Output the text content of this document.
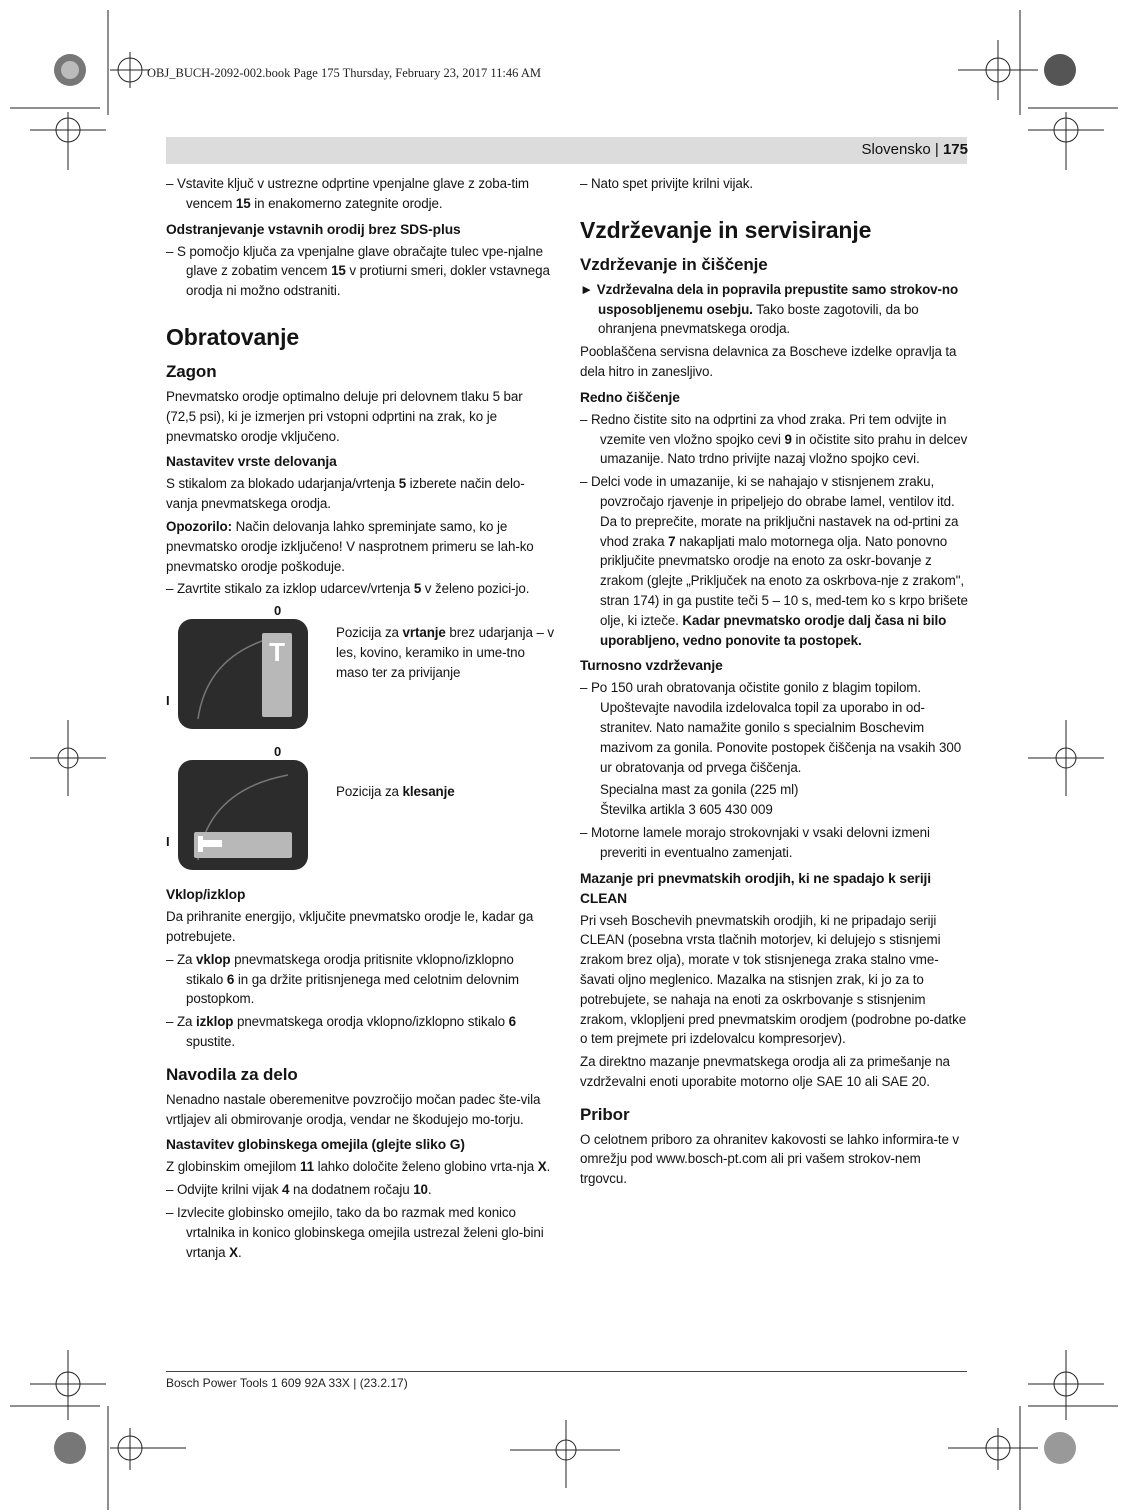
OBJ_BUCH-2092-002.book Page 175 Thursday, February 23, 2017 11:46 AM
Slovensko | 175

– Vstavite ključ v ustrezne odprtine vpenjalne glave z zoba-tim vencem 15 in enakomerno zategnite orodje.

Odstranjevanje vstavnih orodij brez SDS-plus

– S pomočjo ključa za vpenjalne glave obračajte tulec vpe-njalne glave z zobatim vencem 15 v protiurni smeri, dokler vstavnega orodja ni možno odstraniti.

Obratovanje
Zagon

Pnevmatsko orodje optimalno deluje pri delovnem tlaku 5 bar (72,5 psi), ki je izmerjen pri vstopni odprtini na zrak, ko je pnevmatsko orodje vključeno.

Nastavitev vrste delovanja

S stikalom za blokado udarjanja/vrtenja 5 izberete način delo-vanja pnevmatskega orodja.

Opozorilo: Način delovanja lahko spreminjate samo, ko je pnevmatsko orodje izključeno! V nasprotnem primeru se lah-ko pnevmatsko orodje poškoduje.

– Zavrtite stikalo za izklop udarcev/vrtenja 5 v želeno pozici-jo.

0
I
T
Pozicija za vrtanje brez udarjanja – v les, kovino, keramiko in ume-tno maso ter za privijanje
0
I
Pozicija za klesanje
Vklop/izklop

Da prihranite energijo, vključite pnevmatsko orodje le, kadar ga potrebujete.

– Za vklop pnevmatskega orodja pritisnite vklopno/izklopno stikalo 6 in ga držite pritisnjenega med celotnim delovnim postopkom.

– Za izklop pnevmatskega orodja vklopno/izklopno stikalo 6 spustite.

Navodila za delo

Nenadno nastale oberemenitve povzročijo močan padec šte-vila vrtljajev ali obmirovanje orodja, vendar ne škodujejo mo-torju.

Nastavitev globinskega omejila (glejte sliko G)

Z globinskim omejilom 11 lahko določite želeno globino vrta-nja X.

– Odvijte krilni vijak 4 na dodatnem ročaju 10.

– Izvlecite globinsko omejilo, tako da bo razmak med konico vrtalnika in konico globinskega omejila ustrezal želeni glo-bini vrtanja X.

– Nato spet privijte krilni vijak.

Vzdrževanje in servisiranje
Vzdrževanje in čiščenje

► Vzdrževalna dela in popravila prepustite samo strokov-no usposobljenemu osebju. Tako boste zagotovili, da bo ohranjena pnevmatskega orodja.

Pooblaščena servisna delavnica za Boscheve izdelke opravlja ta dela hitro in zanesljivo.

Redno čiščenje

– Redno čistite sito na odprtini za vhod zraka. Pri tem odvijte in vzemite ven vložno spojko cevi 9 in očistite sito prahu in delcev umazanije. Nato trdno privijte nazaj vložno spojko cevi.

– Delci vode in umazanije, ki se nahajajo v stisnjenem zraku, povzročajo rjavenje in pripeljejo do obrabe lamel, ventilov itd. Da to preprečite, morate na priključni nastavek na od-prtini za vhod zraka 7 nakapljati malo motornega olja. Nato ponovno priključite pnevmatsko orodje na enoto za oskr-bovanje z zrakom (glejte „Priključek na enoto za oskrbova-nje z zrakom", stran 174) in ga pustite teči 5 – 10 s, med-tem ko s krpo brišete olje, ki izteče. Kadar pnevmatsko orodje dalj časa ni bilo uporabljeno, vedno ponovite ta postopek.

Turnosno vzdrževanje

– Po 150 urah obratovanja očistite gonilo z blagim topilom. Upoštevajte navodila izdelovalca topil za uporabo in od-stranitev. Nato namažite gonilo s specialnim Boschevim mazivom za gonila. Ponovite postopek čiščenja na vsakih 300 ur obratovanja od prvega čiščenja.

Specialna mast za gonila (225 ml)

Številka artikla 3 605 430 009

– Motorne lamele morajo strokovnjaki v vsaki delovni izmeni preveriti in eventualno zamenjati.

Mazanje pri pnevmatskih orodjih, ki ne spadajo k seriji CLEAN

Pri vseh Boschevih pnevmatskih orodjih, ki ne pripadajo seriji CLEAN (posebna vrsta tlačnih motorjev, ki delujejo s stisnjemi zrakom brez olja), morate v tok stisnjenega zraka stalno vme-šavati oljno meglenico. Mazalka na stisnjen zrak, ki jo za to potrebujete, se nahaja na enoti za oskrbovanje s stisnjenim zrakom, vklopljeni pred pnevmatskim orodjem (podrobne po-datke o tem prejmete pri izdelovalcu kompresorjev).

Za direktno mazanje pnevmatskega orodja ali za primešanje na vzdrževalni enoti uporabite motorno olje SAE 10 ali SAE 20.

Pribor

O celotnem priboro za ohranitev kakovosti se lahko informira-te v omrežju pod www.bosch-pt.com ali pri vašem strokov-nem trgovcu.

Bosch Power Tools 1 609 92A 33X | (23.2.17)
